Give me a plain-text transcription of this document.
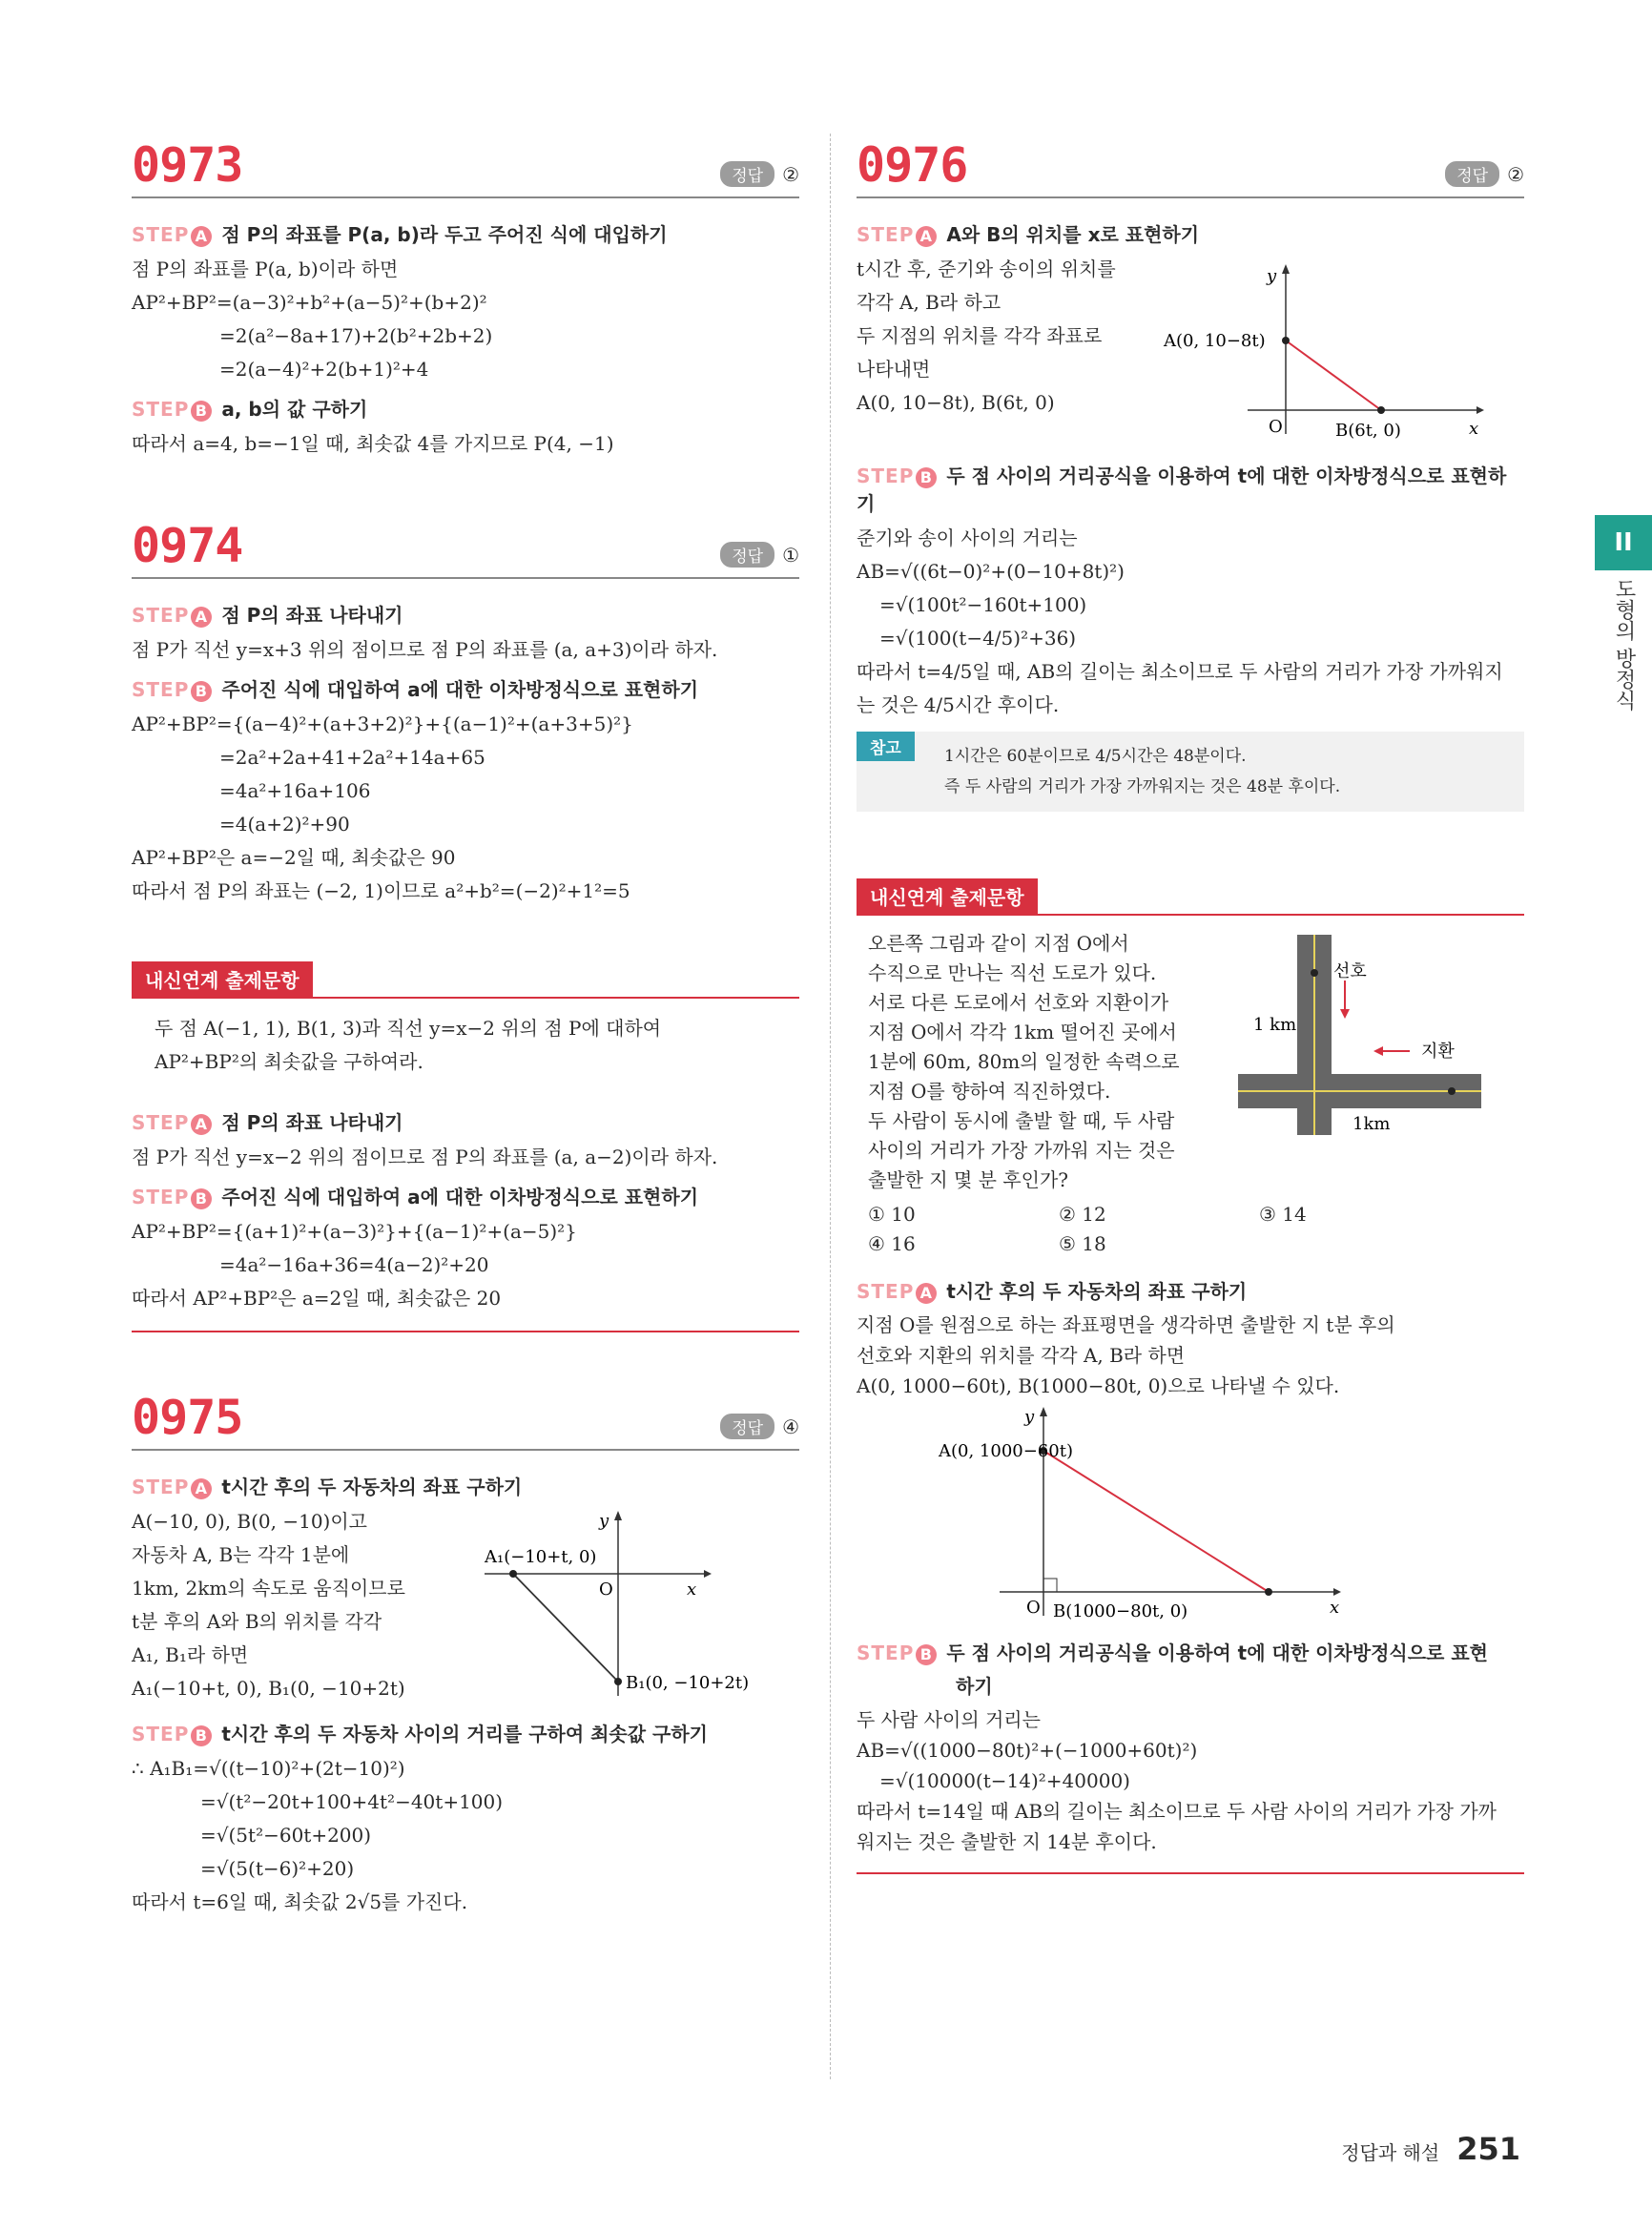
0973	정답 ②
STEP A 점 P의 좌표를 P(a, b)라 두고 주어진 식에 대입하기
점 P의 좌표를 P(a, b)이라 하면
AP²+BP²=(a−3)²+b²+(a−5)²+(b+2)²
=2(a²−8a+17)+2(b²+2b+2)
=2(a−4)²+2(b+1)²+4
STEP B a, b의 값 구하기
따라서 a=4, b=−1일 때, 최솟값 4를 가지므로 P(4, −1)
0974	정답 ①
STEP A 점 P의 좌표 나타내기
점 P가 직선 y=x+3 위의 점이므로 점 P의 좌표를 (a, a+3)이라 하자.
STEP B 주어진 식에 대입하여 a에 대한 이차방정식으로 표현하기
AP²+BP²={(a−4)²+(a+3+2)²}+{(a−1)²+(a+3+5)²}
=2a²+2a+41+2a²+14a+65
=4a²+16a+106
=4(a+2)²+90
AP²+BP²은 a=−2일 때, 최솟값은 90
따라서 점 P의 좌표는 (−2, 1)이므로 a²+b²=(−2)²+1²=5
내신연계 출제문항
두 점 A(−1, 1), B(1, 3)과 직선 y=x−2 위의 점 P에 대하여
AP²+BP²의 최솟값을 구하여라.
STEP A 점 P의 좌표 나타내기
점 P가 직선 y=x−2 위의 점이므로 점 P의 좌표를 (a, a−2)이라 하자.
STEP B 주어진 식에 대입하여 a에 대한 이차방정식으로 표현하기
AP²+BP²={(a+1)²+(a−3)²}+{(a−1)²+(a−5)²}
=4a²−16a+36=4(a−2)²+20
따라서 AP²+BP²은 a=2일 때, 최솟값은 20
0975	정답 ④
STEP A t시간 후의 두 자동차의 좌표 구하기
A(−10, 0), B(0, −10)이고
자동차 A, B는 각각 1분에
1km, 2km의 속도로 움직이므로
t분 후의 A와 B의 위치를 각각
A₁, B₁라 하면
A₁(−10+t, 0), B₁(0, −10+2t)
y
x
O
A₁(−10+t, 0)
B₁(0, −10+2t)
STEP B t시간 후의 두 자동차 사이의 거리를 구하여 최솟값 구하기
∴ A₁B₁=√((t−10)²+(2t−10)²)
=√(t²−20t+100+4t²−40t+100)
=√(5t²−60t+200)
=√(5(t−6)²+20)
따라서 t=6일 때, 최솟값 2√5를 가진다.
0976	정답 ②
STEP A A와 B의 위치를 x로 표현하기
t시간 후, 준기와 송이의 위치를
각각 A, B라 하고
두 지점의 위치를 각각 좌표로
나타내면
A(0, 10−8t), B(6t, 0)
y
x
O
A(0, 10−8t)
B(6t, 0)
STEP B 두 점 사이의 거리공식을 이용하여 t에 대한 이차방정식으로 표현하기
준기와 송이 사이의 거리는
AB=√((6t−0)²+(0−10+8t)²)
=√(100t²−160t+100)
=√(100(t−4/5)²+36)
따라서 t=4/5일 때, AB의 길이는 최소이므로 두 사람의 거리가 가장 가까워지
는 것은 4/5시간 후이다.
참고	1시간은 60분이므로 4/5시간은 48분이다.
즉 두 사람의 거리가 가장 가까워지는 것은 48분 후이다.
내신연계 출제문항
오른쪽 그림과 같이 지점 O에서
수직으로 만나는 직선 도로가 있다.
서로 다른 도로에서 선호와 지환이가
지점 O에서 각각 1km 떨어진 곳에서
1분에 60m, 80m의 일정한 속력으로
지점 O를 향하여 직진하였다.
두 사람이 동시에 출발 할 때, 두 사람
사이의 거리가 가장 가까워 지는 것은
출발한 지 몇 분 후인가?
선호
지환
1 km
1km
① 10	② 12	③ 14
④ 16	⑤ 18
STEP A t시간 후의 두 자동차의 좌표 구하기
지점 O를 원점으로 하는 좌표평면을 생각하면 출발한 지 t분 후의
선호와 지환의 위치를 각각 A, B라 하면
A(0, 1000−60t), B(1000−80t, 0)으로 나타낼 수 있다.
y
x
O
A(0, 1000−60t)
B(1000−80t, 0)
STEP B 두 점 사이의 거리공식을 이용하여 t에 대한 이차방정식으로 표현
하기
두 사람 사이의 거리는
AB=√((1000−80t)²+(−1000+60t)²)
=√(10000(t−14)²+40000)
따라서 t=14일 때 AB의 길이는 최소이므로 두 사람 사이의 거리가 가장 가까
워지는 것은 출발한 지 14분 후이다.
II
도형의 방정식
정답과 해설 251
